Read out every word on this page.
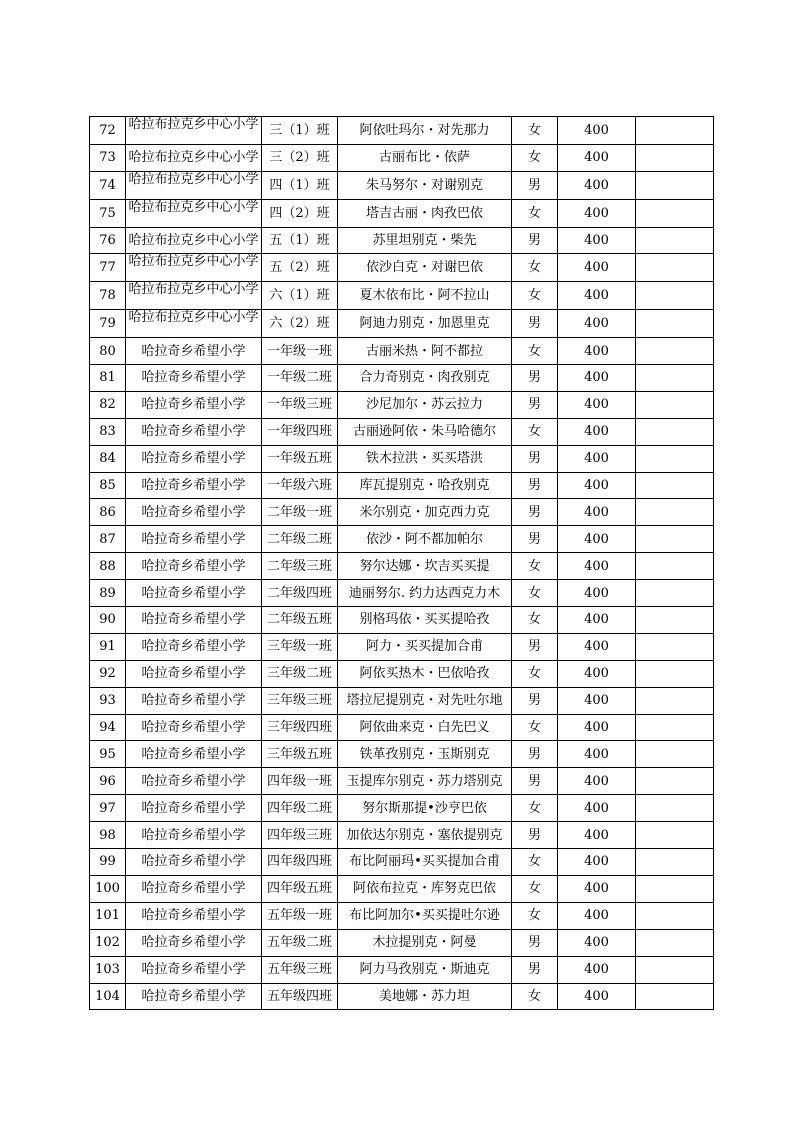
72	哈拉布拉克乡中心小学	三（1）班	阿依吐玛尔・对先那力	女	400	
73	哈拉布拉克乡中心小学	三（2）班	古丽布比・依萨	女	400	
74	哈拉布拉克乡中心小学	四（1）班	朱马努尔・对谢别克	男	400	
75	哈拉布拉克乡中心小学	四（2）班	塔吉古丽・肉孜巴依	女	400	
76	哈拉布拉克乡中心小学	五（1）班	苏里坦别克・柴先	男	400	
77	哈拉布拉克乡中心小学	五（2）班	依沙白克・对谢巴依	女	400	
78	哈拉布拉克乡中心小学	六（1）班	夏木依布比・阿不拉山	女	400	
79	哈拉布拉克乡中心小学	六（2）班	阿迪力别克・加恩里克	男	400	
80	哈拉奇乡希望小学	一年级一班	古丽米热・阿不都拉	女	400	
81	哈拉奇乡希望小学	一年级二班	合力奇别克・肉孜别克	男	400	
82	哈拉奇乡希望小学	一年级三班	沙尼加尔・苏云拉力	男	400	
83	哈拉奇乡希望小学	一年级四班	古丽逊阿依・朱马哈德尔	女	400	
84	哈拉奇乡希望小学	一年级五班	铁木拉洪・买买塔洪	男	400	
85	哈拉奇乡希望小学	一年级六班	库瓦提别克・哈孜别克	男	400	
86	哈拉奇乡希望小学	二年级一班	米尔别克・加克西力克	男	400	
87	哈拉奇乡希望小学	二年级二班	依沙・阿不都加帕尔	男	400	
88	哈拉奇乡希望小学	二年级三班	努尔达娜・坎吉买买提	女	400	
89	哈拉奇乡希望小学	二年级四班	迪丽努尔. 约力达西克力木	女	400	
90	哈拉奇乡希望小学	二年级五班	别格玛依・买买提哈孜	女	400	
91	哈拉奇乡希望小学	三年级一班	阿力・买买提加合甫	男	400	
92	哈拉奇乡希望小学	三年级二班	阿依买热木・巴依哈孜	女	400	
93	哈拉奇乡希望小学	三年级三班	塔拉尼提别克・对先吐尔地	男	400	
94	哈拉奇乡希望小学	三年级四班	阿依曲来克・白先巴义	女	400	
95	哈拉奇乡希望小学	三年级五班	铁革孜别克・玉斯别克	男	400	
96	哈拉奇乡希望小学	四年级一班	玉提库尔别克・苏力塔别克	男	400	
97	哈拉奇乡希望小学	四年级二班	努尔斯那提•沙亨巴依	女	400	
98	哈拉奇乡希望小学	四年级三班	加依达尔别克・塞依提别克	男	400	
99	哈拉奇乡希望小学	四年级四班	布比阿丽玛•买买提加合甫	女	400	
100	哈拉奇乡希望小学	四年级五班	阿依布拉克・库努克巴依	女	400	
101	哈拉奇乡希望小学	五年级一班	布比阿加尔•买买提吐尔逊	女	400	
102	哈拉奇乡希望小学	五年级二班	木拉提别克・阿曼	男	400	
103	哈拉奇乡希望小学	五年级三班	阿力马孜别克・斯迪克	男	400	
104	哈拉奇乡希望小学	五年级四班	美地娜・苏力坦	女	400	
